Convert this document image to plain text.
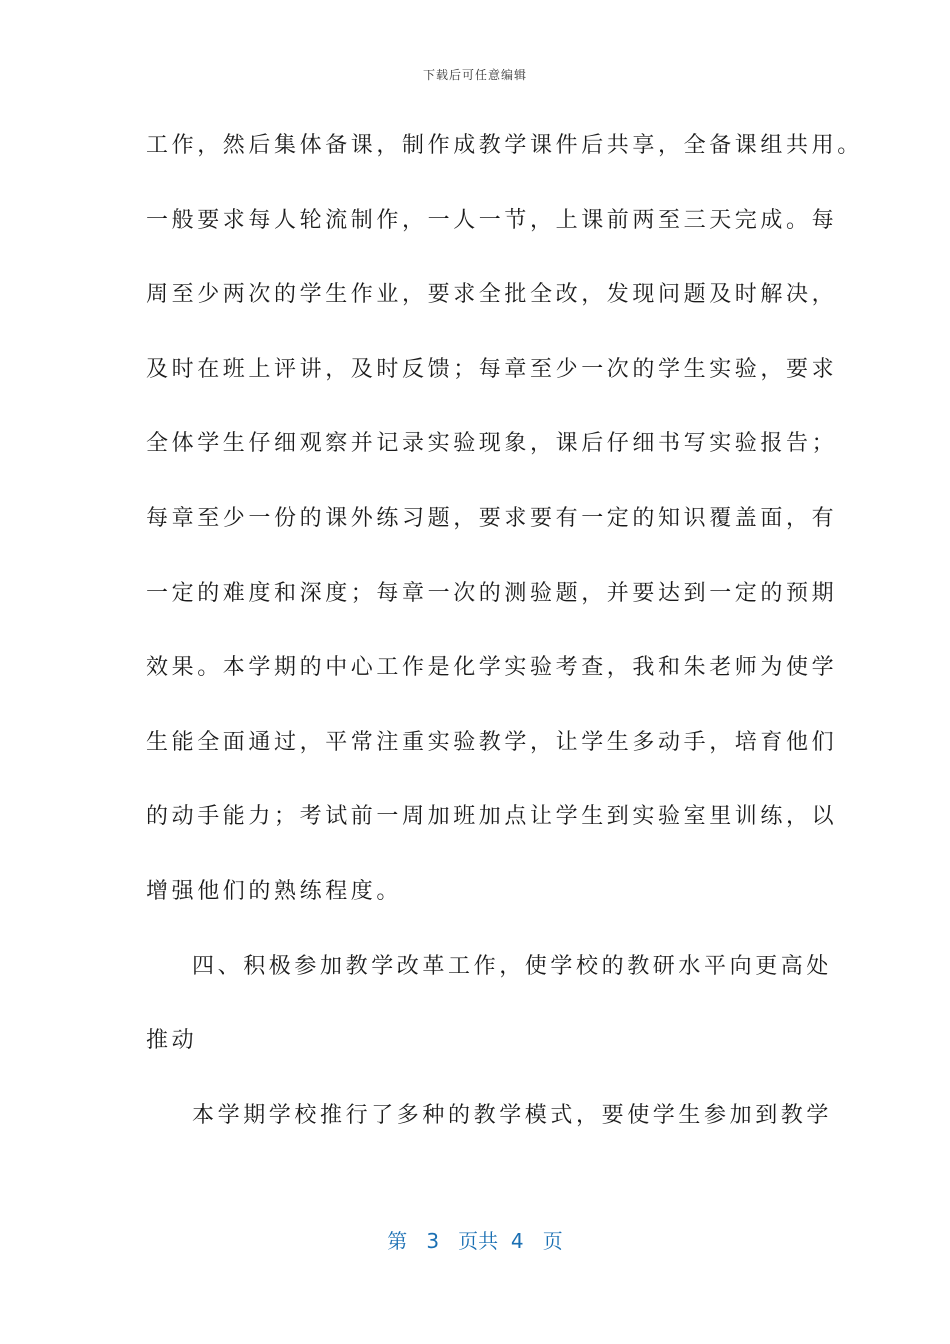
下载后可任意编辑
工作，然后集体备课，制作成教学课件后共享，全备课组共用。
一般要求每人轮流制作，一人一节，上课前两至三天完成。每
周至少两次的学生作业，要求全批全改，发现问题及时解决，
及时在班上评讲，及时反馈；每章至少一次的学生实验，要求
全体学生仔细观察并记录实验现象，课后仔细书写实验报告；
每章至少一份的课外练习题，要求要有一定的知识覆盖面，有
一定的难度和深度；每章一次的测验题，并要达到一定的预期
效果。本学期的中心工作是化学实验考查，我和朱老师为使学
生能全面通过，平常注重实验教学，让学生多动手，培育他们
的动手能力；考试前一周加班加点让学生到实验室里训练，以
增强他们的熟练程度。
四、积极参加教学改革工作，使学校的教研水平向更高处
推动
本学期学校推行了多种的教学模式，要使学生参加到教学
第 3 页共 4 页
